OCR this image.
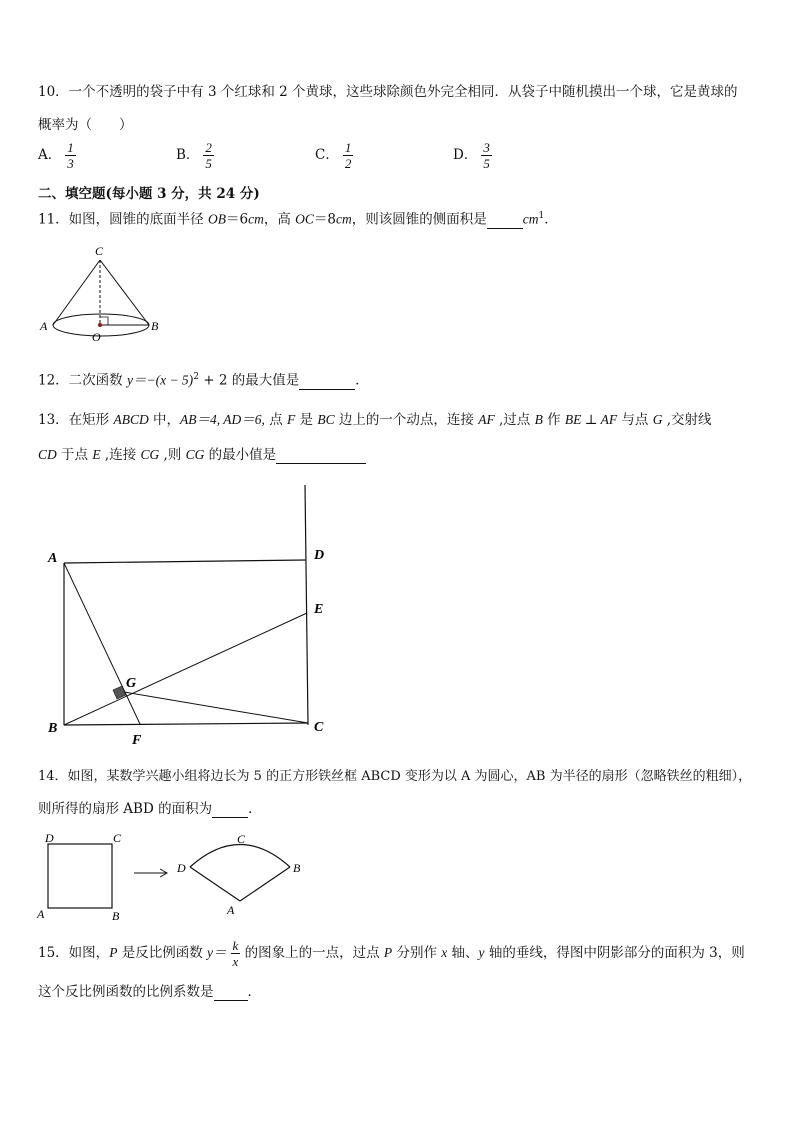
10．一个不透明的袋子中有 3 个红球和 2 个黄球，这些球除颜色外完全相同．从袋子中随机摸出一个球，它是黄球的
概率为（　　）
A． $\frac{1}{3}$	B． $\frac{2}{5}$	C． $\frac{1}{2}$	D． $\frac{3}{5}$
二、填空题(每小题 3 分，共 24 分)
11．如图，圆锥的底面半径 OB＝6cm，高 OC＝8cm，则该圆锥的侧面积是	$cm^1$．
C
A	B
O
12．二次函数 $y=-(x - 5)^2 + 2$ 的最大值是	．
13．在矩形 ABCD 中，AB＝4, AD＝6, 点 F 是 BC 边上的一个动点，连接 AF ,过点 B 作 BE ⊥ AF 与点 G ,交射线
CD 于点 E ,连接 CG ,则 CG 的最小值是
A	D
E
G
B
F
C
14．如图，某数学兴趣小组将边长为 5 的正方形铁丝框 ABCD 变形为以 A 为圆心，AB 为半径的扇形（忽略铁丝的粗细），
则所得的扇形 ABD 的面积为	．
D	C
A	B
D
C
B
A
15．如图，P 是反比例函数 $y= \frac{k}{x}$ 的图象上的一点，过点 P 分别作 x 轴、y 轴的垂线，得图中阴影部分的面积为 3，则
这个反比例函数的比例系数是	．
